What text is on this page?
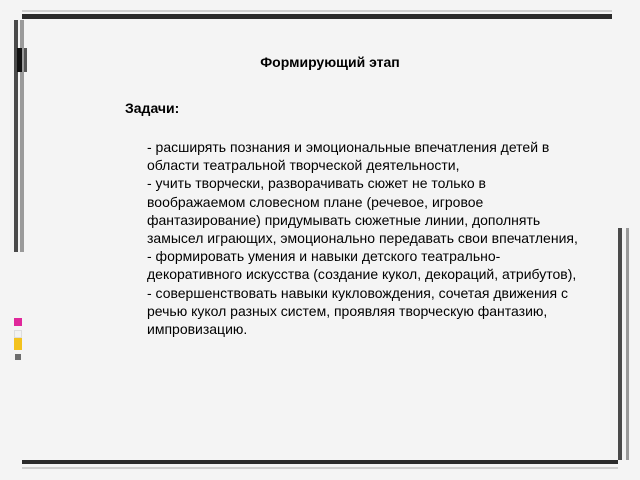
Формирующий этап
Задачи:
- расширять познания и эмоциональные впечатления детей в области театральной творческой деятельности,
- учить творчески, разворачивать сюжет не только в воображаемом словесном плане (речевое, игровое фантазирование) придумывать сюжетные линии, дополнять замысел играющих, эмоционально передавать свои впечатления,
- формировать умения и навыки детского театрально-декоративного искусства (создание кукол, декораций, атрибутов),
- совершенствовать навыки кукловождения, сочетая движения с речью кукол разных систем, проявляя творческую фантазию, импровизацию.
